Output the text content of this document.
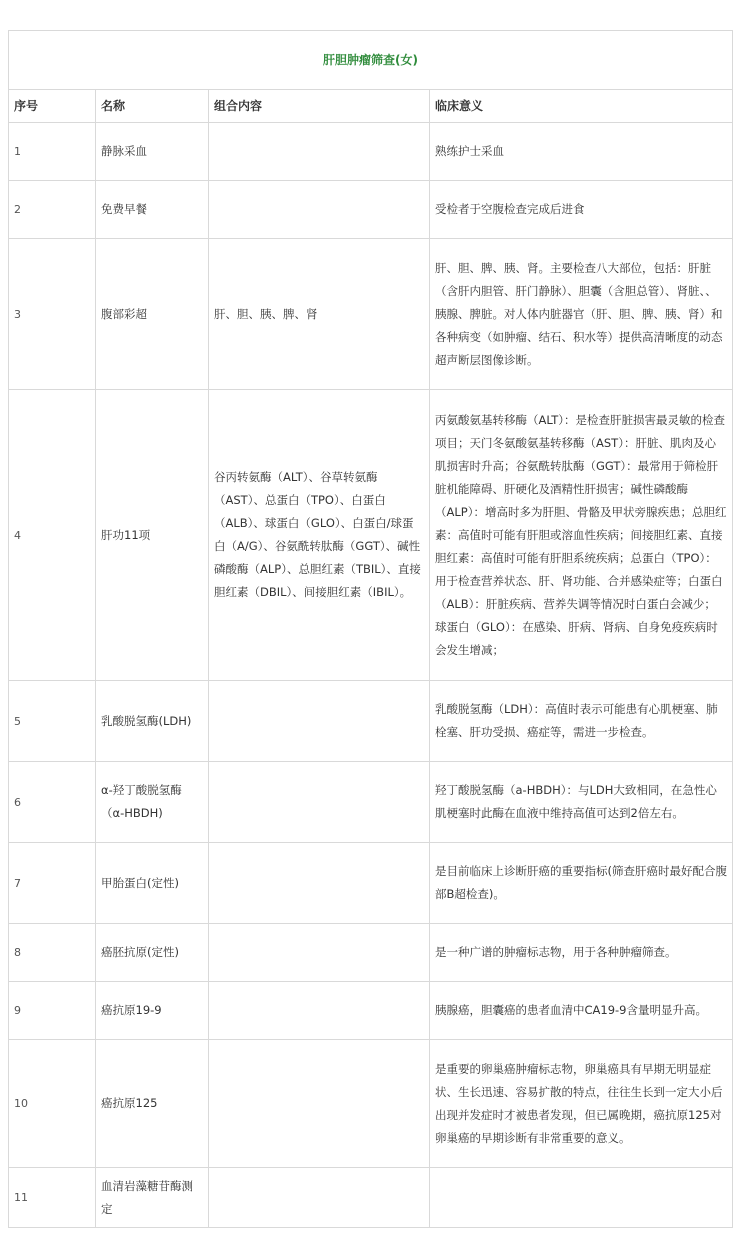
肝胆肿瘤筛查(女)			
序号	名称	组合内容	临床意义
1	静脉采血		熟练护士采血
2	免费早餐		受检者于空腹检查完成后进食
3	腹部彩超	肝、胆、胰、脾、肾	肝、胆、脾、胰、肾。主要检查八大部位，包括：肝脏（含肝内胆管、肝门静脉）、胆囊（含胆总管）、肾脏、、胰腺、脾脏。对人体内脏器官（肝、胆、脾、胰、肾）和各种病变（如肿瘤、结石、积水等）提供高清晰度的动态超声断层图像诊断。
4	肝功11项	谷丙转氨酶（ALT）、谷草转氨酶（AST）、总蛋白（TPO）、白蛋白（ALB）、球蛋白（GLO）、白蛋白/球蛋白（A/G）、谷氨酰转肽酶（GGT）、碱性磷酸酶（ALP）、总胆红素（TBIL）、直接胆红素（DBIL）、间接胆红素（IBIL）。	丙氨酸氨基转移酶（ALT）：是检查肝脏损害最灵敏的检查项目；天门冬氨酸氨基转移酶（AST）：肝脏、肌肉及心肌损害时升高；谷氨酰转肽酶（GGT）：最常用于筛检肝脏机能障碍、肝硬化及酒精性肝损害；碱性磷酸酶（ALP）：增高时多为肝胆、骨骼及甲状旁腺疾患；总胆红素：高值时可能有肝胆或溶血性疾病；间接胆红素、直接胆红素：高值时可能有肝胆系统疾病；总蛋白（TPO）：用于检查营养状态、肝、肾功能、合并感染症等；白蛋白（ALB）：肝脏疾病、营养失调等情况时白蛋白会减少；球蛋白（GLO）：在感染、肝病、肾病、自身免疫疾病时会发生增减；
5	乳酸脱氢酶(LDH)		乳酸脱氢酶（LDH）：高值时表示可能患有心肌梗塞、肺栓塞、肝功受损、癌症等，需进一步检查。
6	α-羟丁酸脱氢酶（α-HBDH)		羟丁酸脱氢酶（a-HBDH）：与LDH大致相同，在急性心肌梗塞时此酶在血液中维持高值可达到2倍左右。
7	甲胎蛋白(定性)		是目前临床上诊断肝癌的重要指标(筛查肝癌时最好配合腹部B超检查)。
8	癌胚抗原(定性)		是一种广谱的肿瘤标志物，用于各种肿瘤筛查。
9	癌抗原19-9		胰腺癌，胆囊癌的患者血清中CA19-9含量明显升高。
10	癌抗原125		是重要的卵巢癌肿瘤标志物，卵巢癌具有早期无明显症状、生长迅速、容易扩散的特点，往往生长到一定大小后出现并发症时才被患者发现，但已属晚期，癌抗原125对卵巢癌的早期诊断有非常重要的意义。
11	血清岩藻糖苷酶测定		
